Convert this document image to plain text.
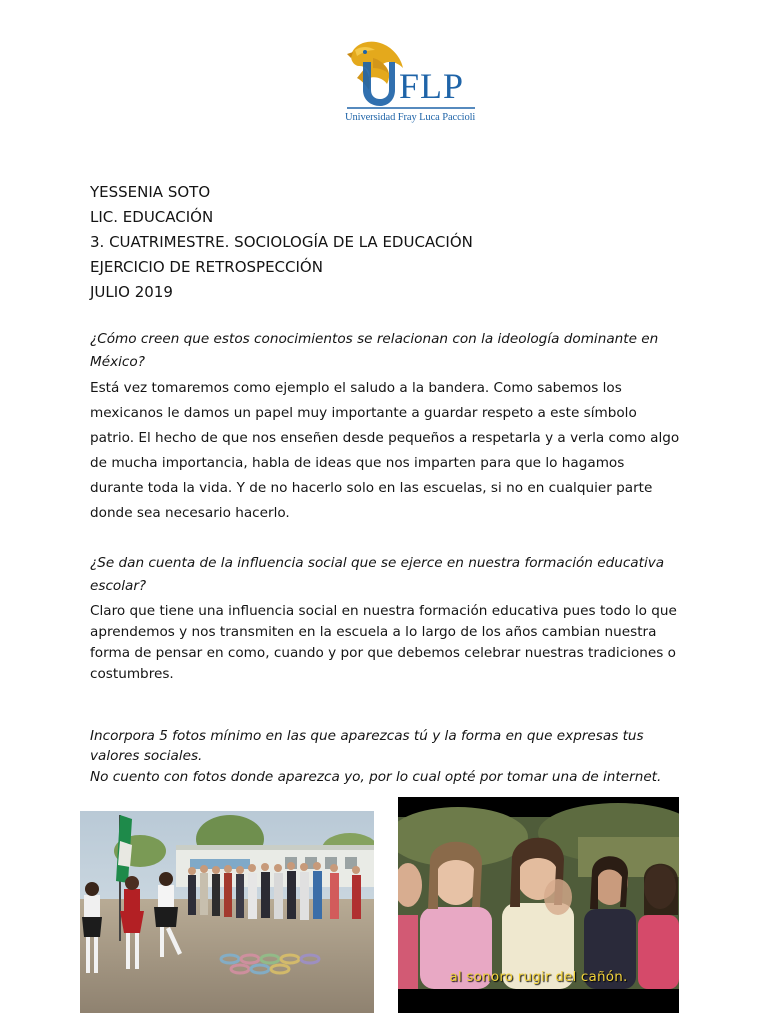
U
FLP
Universidad Fray Luca Paccioli
YESSENIA SOTO
LIC. EDUCACIÓN
3. CUATRIMESTRE. SOCIOLOGÍA DE LA EDUCACIÓN
EJERCICIO DE RETROSPECCIÓN
JULIO 2019
¿Cómo creen que estos conocimientos se relacionan con la ideología dominante en México?
Está vez tomaremos como ejemplo el saludo a la bandera. Como sabemos los mexicanos le damos un papel muy importante a guardar respeto a este símbolo patrio. El hecho de que nos enseñen desde pequeños a respetarla y a verla como algo de mucha importancia, habla de ideas que nos imparten para que lo hagamos durante toda la vida. Y de no hacerlo solo en las escuelas, si no en cualquier parte donde sea necesario hacerlo.
¿Se dan cuenta de la influencia social que se ejerce en nuestra formación educativa escolar?
Claro que tiene una influencia social en nuestra formación educativa pues todo lo que aprendemos y nos transmiten en la escuela a lo largo de los años cambian nuestra forma de pensar en como, cuando y por que debemos celebrar nuestras tradiciones o costumbres.
Incorpora 5 fotos mínimo en las que aparezcas tú y la forma en que expresas tus valores sociales.
No cuento con fotos donde aparezca yo, por lo cual opté por tomar una de internet.
al sonoro rugir del cañón.
